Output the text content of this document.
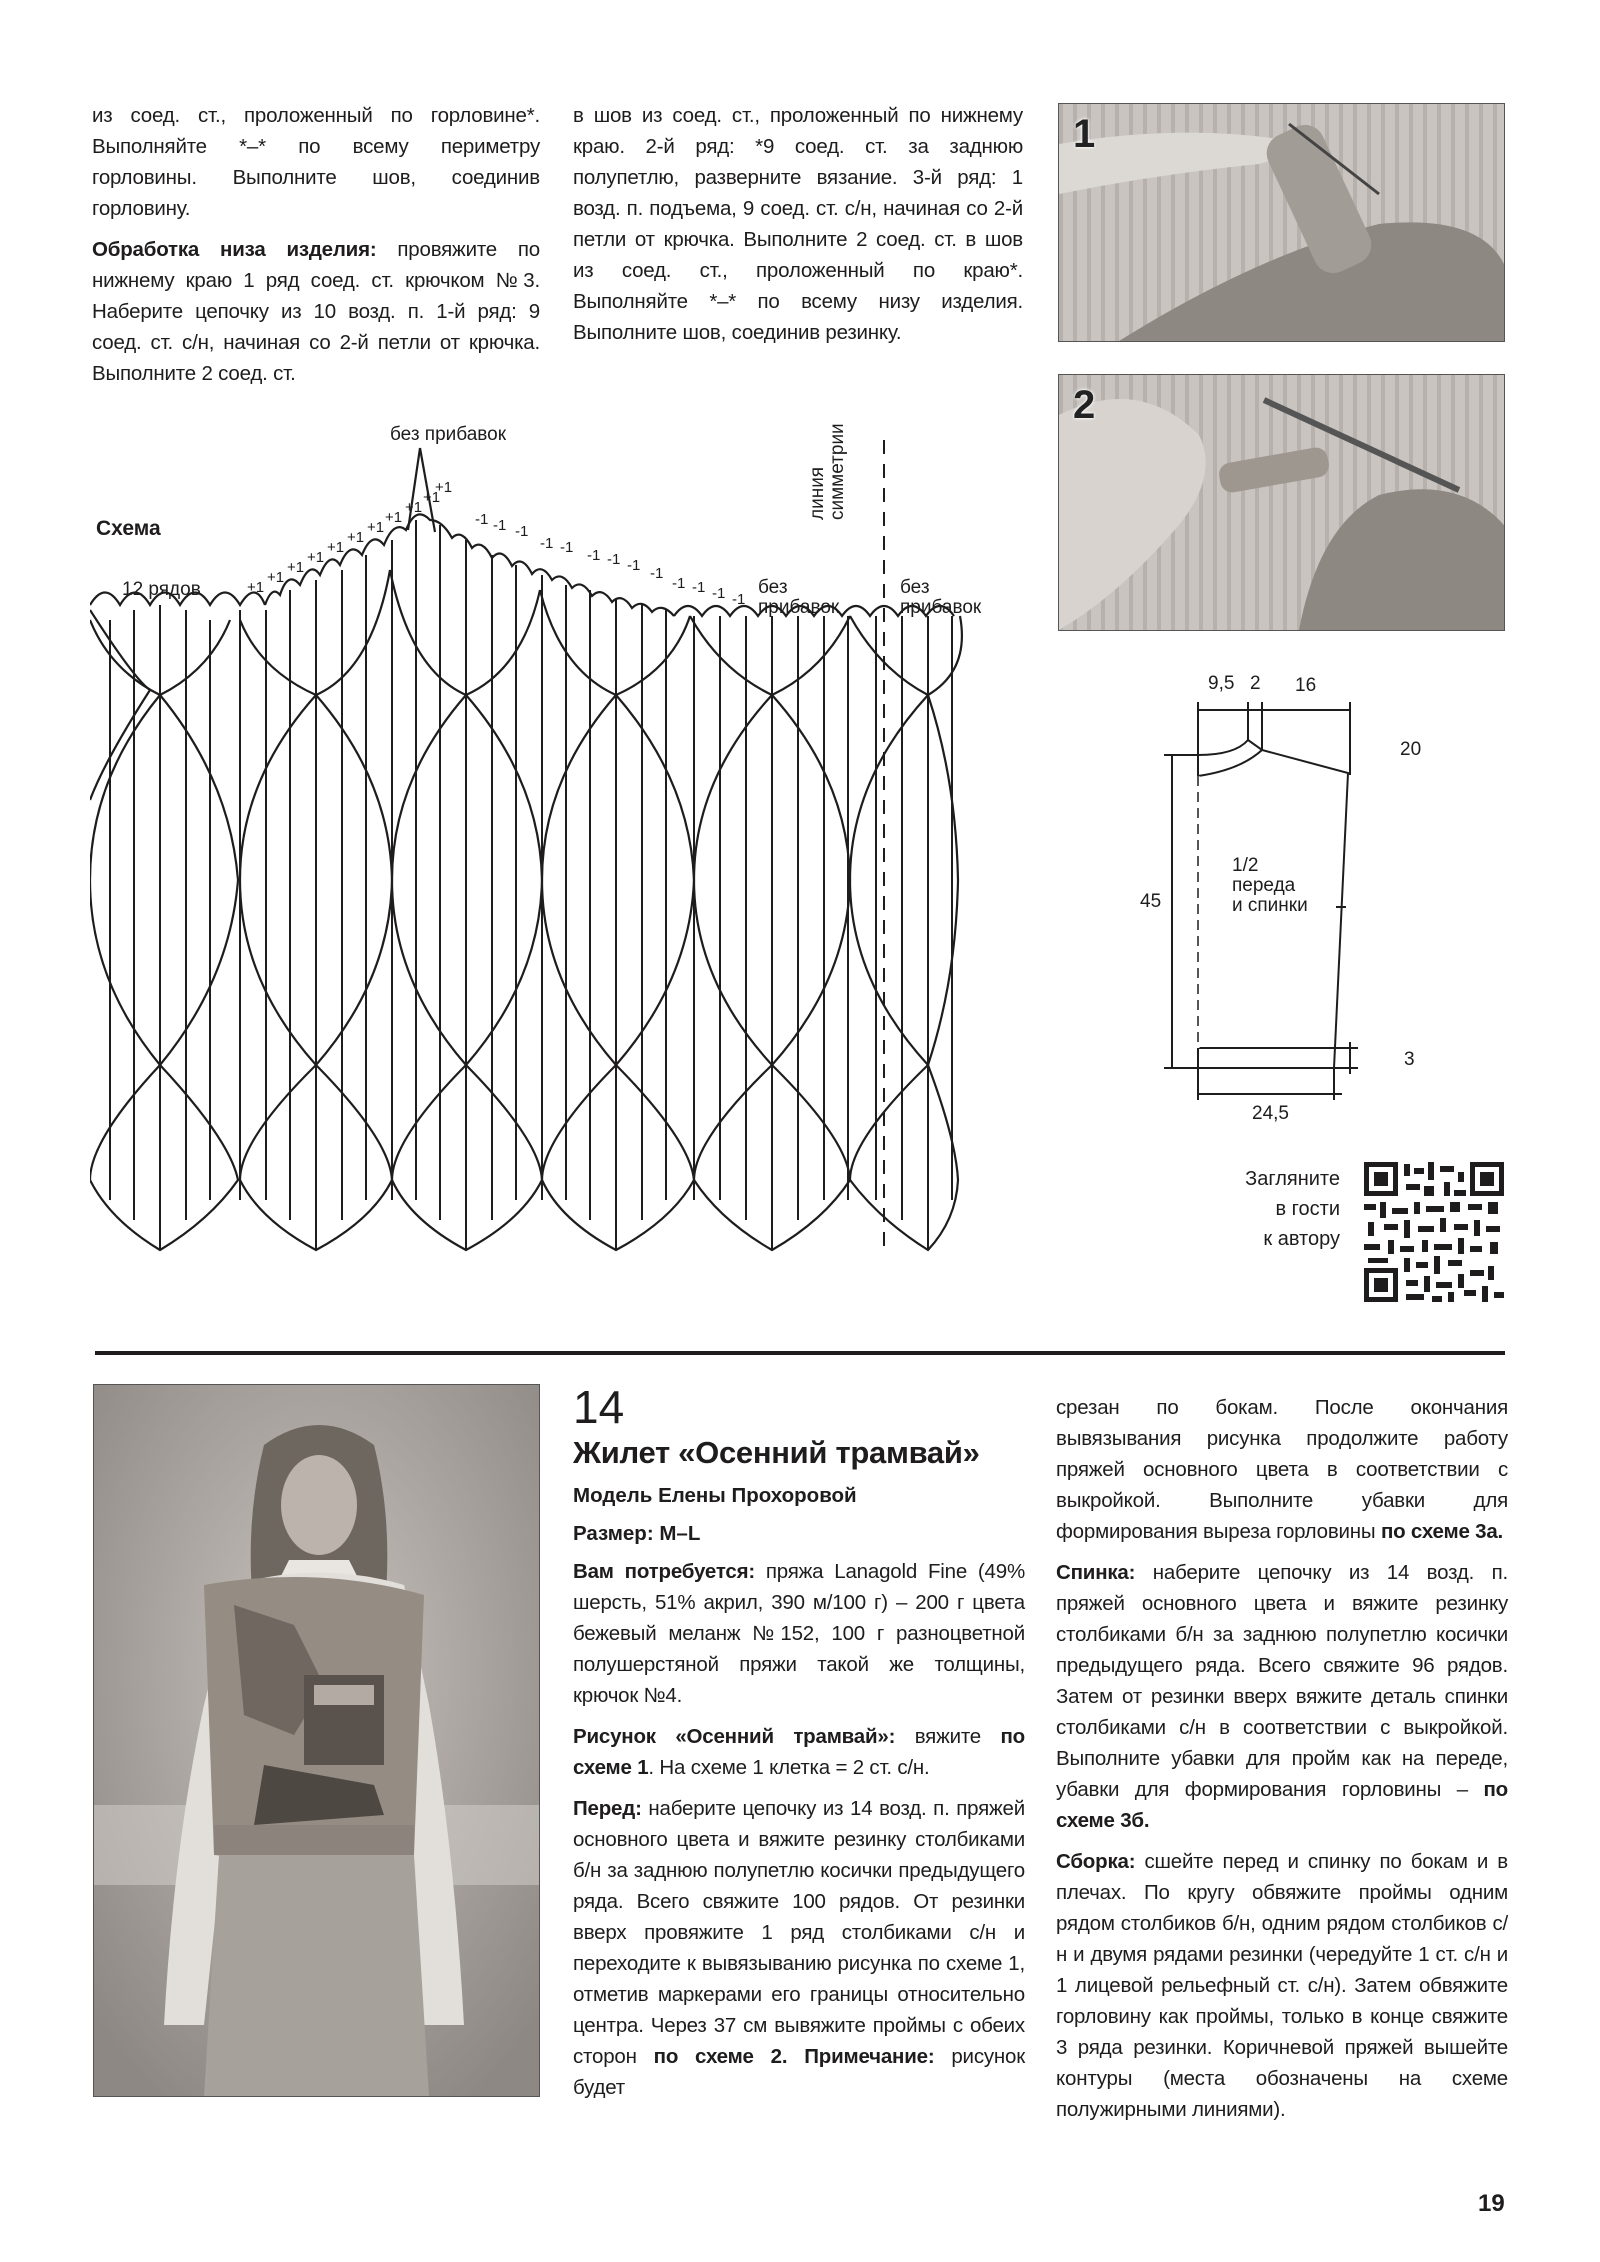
из соед. ст., проложенный по горловине*. Выполняйте *–* по всему периметру горловины. Выполните шов, соединив горловину.

Обработка низа изделия: провяжите по нижнему краю 1 ряд соед. ст. крючком №3. Наберите цепочку из 10 возд. п. 1-й ряд: 9 соед. ст. с/н, начиная со 2-й петли от крючка. Выполните 2 соед. ст.

в шов из соед. ст., проложенный по нижнему краю. 2-й ряд: *9 соед. ст. за заднюю полупетлю, разверните вязание. 3-й ряд: 1 возд. п. подъема, 9 соед. ст. с/н, начиная со 2-й петли от крючка. Выполните 2 соед. ст. в шов из соед. ст., проложенный по краю*. Выполняйте *–* по всему низу изделия. Выполните шов, соединив резинку.

1
2
Схема
12 рядов
без прибавок
без прибавок
без прибавок
линия симметрии
+1
+1
+1
+1
+1
+1
+1
+1
+1
+1
+1
-1 -1 -1
-1 -1 -1 -1 -1 -1
-1 -1 -1 -1
9,5 2 16
20
45
3
24,5
1/2
переда
и спинки
Загляните
в гости
к автору
14
Жилет «Осенний трамвай»
Модель Елены Прохоровой
Размер: M–L

Вам потребуется: пряжа Lanagold Fine (49% шерсть, 51% акрил, 390 м/100 г) – 200 г цвета бежевый меланж №152, 100 г разноцветной полушерстяной пряжи такой же толщины, крючок №4.

Рисунок «Осенний трамвай»: вяжите по схеме 1. На схеме 1 клетка = 2 ст. с/н.

Перед: наберите цепочку из 14 возд. п. пряжей основного цвета и вяжите резинку столбиками б/н за заднюю полупетлю косички предыдущего ряда. Всего свяжите 100 рядов. От резинки вверх провяжите 1 ряд столбиками с/н и переходите к вывязыванию рисунка по схеме 1, отметив маркерами его границы относительно центра. Через 37 см вывяжите проймы с обеих сторон по схеме 2. Примечание: рисунок будет

срезан по бокам. После окончания вывязывания рисунка продолжите работу пряжей основного цвета в соответствии с выкройкой. Выполните убавки для формирования выреза горловины по схеме 3а.

Спинка: наберите цепочку из 14 возд. п. пряжей основного цвета и вяжите резинку столбиками б/н за заднюю полупетлю косички предыдущего ряда. Всего свяжите 96 рядов. Затем от резинки вверх вяжите деталь спинки столбиками с/н в соответствии с выкройкой. Выполните убавки для пройм как на переде, убавки для формирования горловины – по схеме 3б.

Сборка: сшейте перед и спинку по бокам и в плечах. По кругу обвяжите проймы одним рядом столбиков б/н, одним рядом столбиков с/н и двумя рядами резинки (чередуйте 1 ст. с/н и 1 лицевой рельефный ст. с/н). Затем обвяжите горловину как проймы, только в конце свяжите 3 ряда резинки. Коричневой пряжей вышейте контуры (места обозначены на схеме полужирными линиями).

19
